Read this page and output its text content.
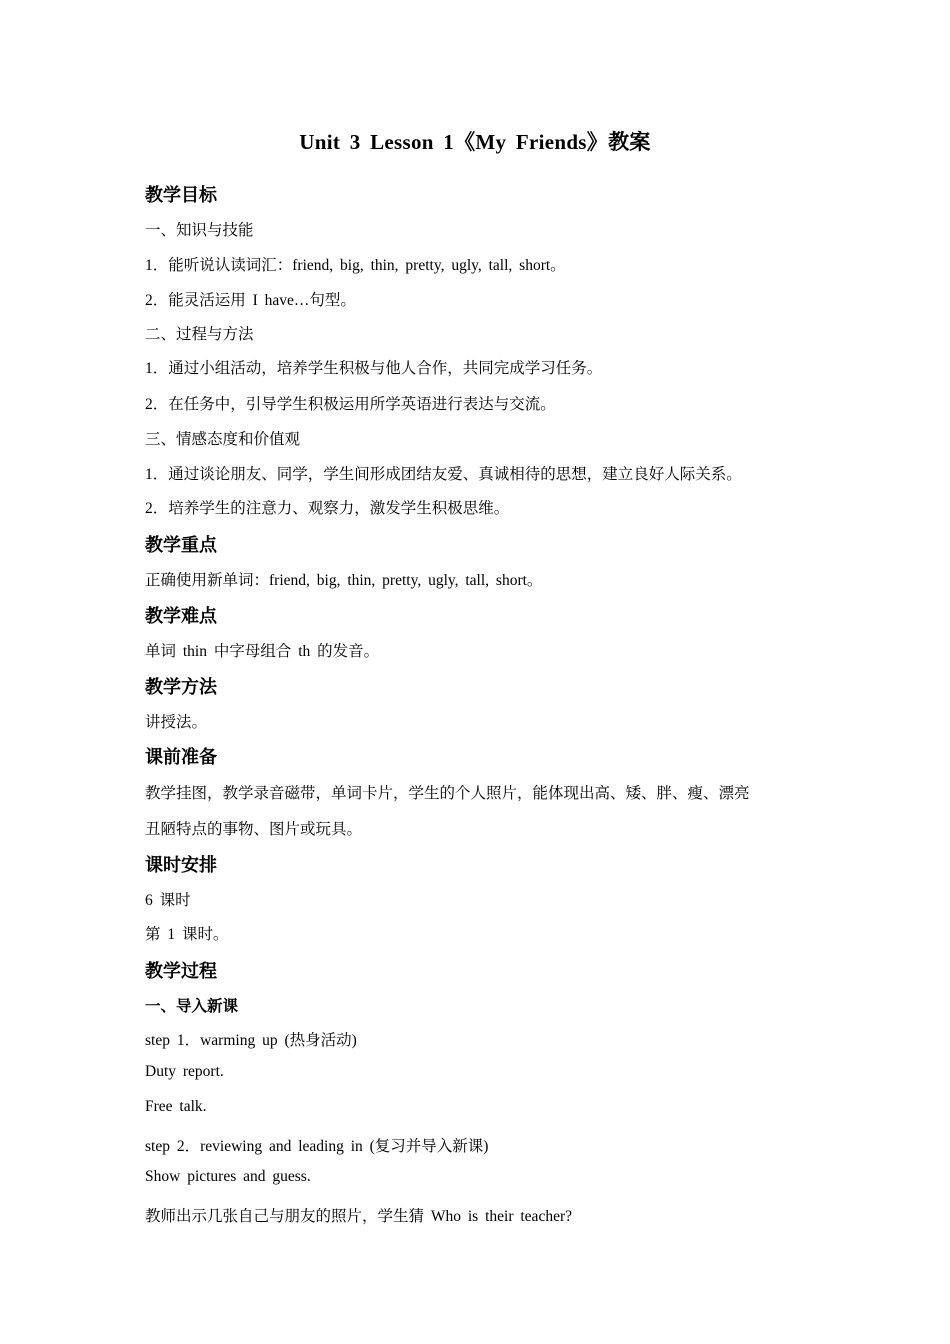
Unit 3 Lesson 1《My Friends》教案
教学目标
一、知识与技能
1．能听说认读词汇：friend, big, thin, pretty, ugly, tall, short。
2．能灵活运用 I have…句型。
二、过程与方法
1．通过小组活动，培养学生积极与他人合作，共同完成学习任务。
2．在任务中，引导学生积极运用所学英语进行表达与交流。
三、情感态度和价值观
1．通过谈论朋友、同学，学生间形成团结友爱、真诚相待的思想，建立良好人际关系。
2．培养学生的注意力、观察力，激发学生积极思维。
教学重点
正确使用新单词：friend, big, thin, pretty, ugly, tall, short。
教学难点
单词 thin 中字母组合 th 的发音。
教学方法
讲授法。
课前准备
教学挂图，教学录音磁带，单词卡片，学生的个人照片，能体现出高、矮、胖、瘦、漂亮
丑陋特点的事物、图片或玩具。
课时安排
6 课时
第 1 课时。
教学过程
一、导入新课
step 1．warming up (热身活动)
Duty report.
Free talk.
step 2．reviewing and leading in (复习并导入新课)
Show pictures and guess.
教师出示几张自己与朋友的照片，学生猜 Who is their teacher?
